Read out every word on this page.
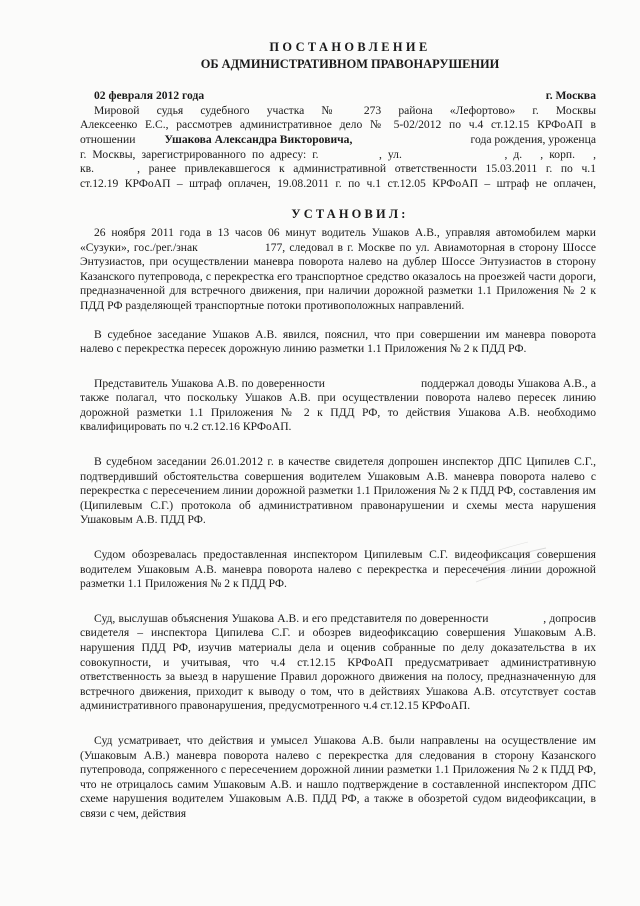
ПОСТАНОВЛЕНИЕ
ОБ АДМИНИСТРАТИВНОМ ПРАВОНАРУШЕНИИ
02 февраля 2012 года	г. Москва
Мировой судья судебного участка № 273 района «Лефортово» г. Москвы
Алексеенко Е.С., рассмотрев административное дело № 5-02/2012 по ч.4 ст.12.15 КРФоАП в
отношении	Ушакова Александра Викторовича,	года рождения, уроженца
г. Москвы, зарегистрированного по адресу: г.          , ул.                 , д.   , корп.   ,
кв.     , ранее привлекавшегося к административной ответственности 15.03.2011 г. по ч.1
ст.12.19 КРФоАП – штраф оплачен, 19.08.2011 г. по ч.1 ст.12.05 КРФоАП – штраф не оплачен,
УСТАНОВИЛ:
26 ноября 2011 года в 13 часов 06 минут водитель Ушаков А.В., управляя автомобилем марки «Сузуки», гос./рег./знак                177, следовал в г. Москве по ул. Авиамоторная в сторону Шоссе Энтузиастов, при осуществлении маневра поворота налево на дублер Шоссе Энтузиастов в сторону Казанского путепровода, с перекрестка его транспортное средство оказалось на проезжей части дороги, предназначенной для встречного движения, при наличии дорожной разметки 1.1 Приложения № 2 к ПДД РФ разделяющей транспортные потоки противоположных направлений.
В судебное заседание Ушаков А.В. явился, пояснил, что при совершении им маневра поворота налево с перекрестка пересек дорожную линию разметки 1.1 Приложения № 2 к ПДД РФ.
Представитель Ушакова А.В. по доверенности                              поддержал доводы Ушакова А.В., а также полагал, что поскольку Ушаков А.В. при осуществлении поворота налево пересек линию дорожной разметки 1.1 Приложения № 2 к ПДД РФ, то действия Ушакова А.В. необходимо квалифицировать по ч.2 ст.12.16 КРФоАП.
В судебном заседании 26.01.2012 г. в качестве свидетеля допрошен инспектор ДПС Ципилев С.Г., подтвердивший обстоятельства совершения водителем Ушаковым А.В. маневра поворота налево с перекрестка с пересечением линии дорожной разметки 1.1 Приложения № 2 к ПДД РФ, составления им (Ципилевым С.Г.) протокола об административном правонарушении и схемы места нарушения Ушаковым А.В. ПДД РФ.
Судом обозревалась предоставленная инспектором Ципилевым С.Г. видеофиксация совершения водителем Ушаковым А.В. маневра поворота налево с перекрестка и пересечения линии дорожной разметки 1.1 Приложения № 2 к ПДД РФ.
Суд, выслушав объяснения Ушакова А.В. и его представителя по доверенности                 , допросив свидетеля – инспектора Ципилева С.Г. и обозрев видеофиксацию совершения Ушаковым А.В. нарушения ПДД РФ, изучив материалы дела и оценив собранные по делу доказательства в их совокупности, и учитывая, что ч.4 ст.12.15 КРФоАП предусматривает административную ответственность за выезд в нарушение Правил дорожного движения на полосу, предназначенную для встречного движения, приходит к выводу о том, что в действиях Ушакова А.В. отсутствует состав административного правонарушения, предусмотренного ч.4 ст.12.15 КРФоАП.
Суд усматривает, что действия и умысел Ушакова А.В. были направлены на осуществление им (Ушаковым А.В.) маневра поворота налево с перекрестка для следования в сторону Казанского путепровода, сопряженного с пересечением дорожной линии разметки 1.1 Приложения № 2 к ПДД РФ, что не отрицалось самим Ушаковым А.В. и нашло подтверждение в составленной инспектором ДПС схеме нарушения водителем Ушаковым А.В. ПДД РФ, а также в обозретой судом видеофиксации, в связи с чем, действия
